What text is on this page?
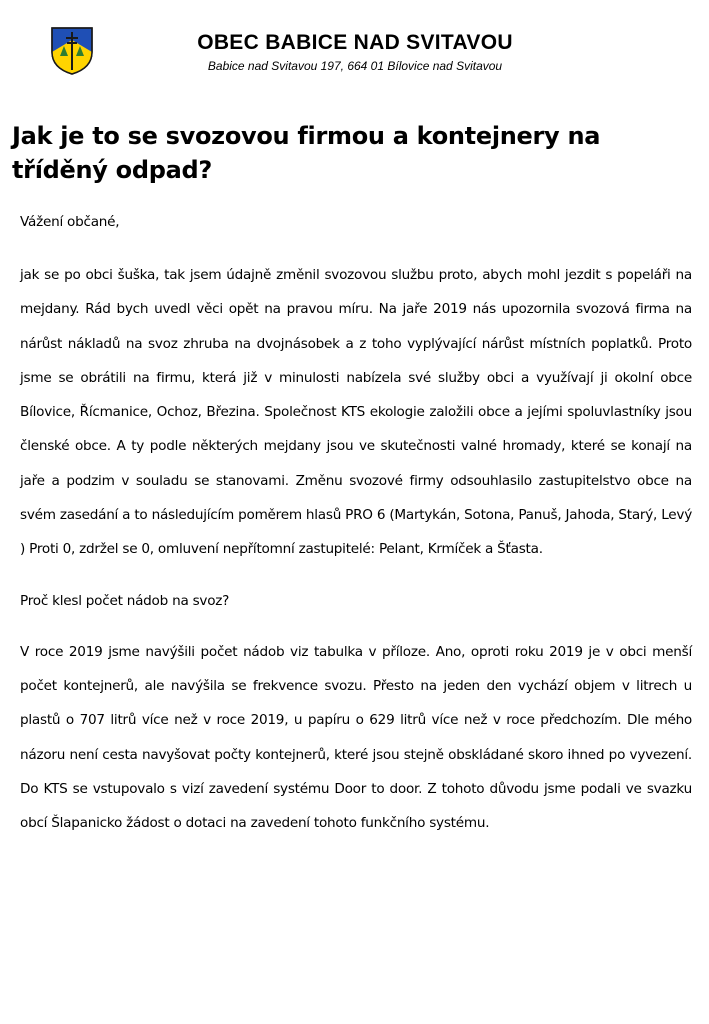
OBEC BABICE NAD SVITAVOU
Babice nad Svitavou 197, 664 01 Bílovice nad Svitavou
Jak je to se svozovou firmou a kontejnery na tříděný odpad?

Vážení občané,

jak se po obci šuška, tak jsem údajně změnil svozovou službu proto, abych mohl jezdit s popeláři na mejdany. Rád bych uvedl věci opět na pravou míru. Na jaře 2019 nás upozornila svozová firma na nárůst nákladů na svoz zhruba na dvojnásobek a z toho vyplývající nárůst místních poplatků. Proto jsme se obrátili na firmu, která již v minulosti nabízela své služby obci a využívají ji okolní obce Bílovice, Řícmanice, Ochoz, Březina. Společnost KTS ekologie založili obce a jejími spoluvlastníky jsou členské obce. A ty podle některých mejdany jsou ve skutečnosti valné hromady, které se konají na jaře a podzim v souladu se stanovami. Změnu svozové firmy odsouhlasilo zastupitelstvo obce na svém zasedání a to následujícím poměrem hlasů PRO 6 (Martykán, Sotona, Panuš, Jahoda, Starý, Levý ) Proti 0, zdržel se 0, omluvení nepřítomní zastupitelé: Pelant, Krmíček a Šťasta.

Proč klesl počet nádob na svoz?

V roce 2019 jsme navýšili počet nádob viz tabulka v příloze. Ano, oproti roku 2019 je v obci menší počet kontejnerů, ale navýšila se frekvence svozu. Přesto na jeden den vychází objem v litrech u plastů o 707 litrů více než v roce 2019, u papíru o 629 litrů více než v roce předchozím. Dle mého názoru není cesta navyšovat počty kontejnerů, které jsou stejně obskládané skoro ihned po vyvezení. Do KTS se vstupovalo s vizí zavedení systému Door to door. Z tohoto důvodu jsme podali ve svazku obcí Šlapanicko žádost o dotaci na zavedení tohoto funkčního systému.
